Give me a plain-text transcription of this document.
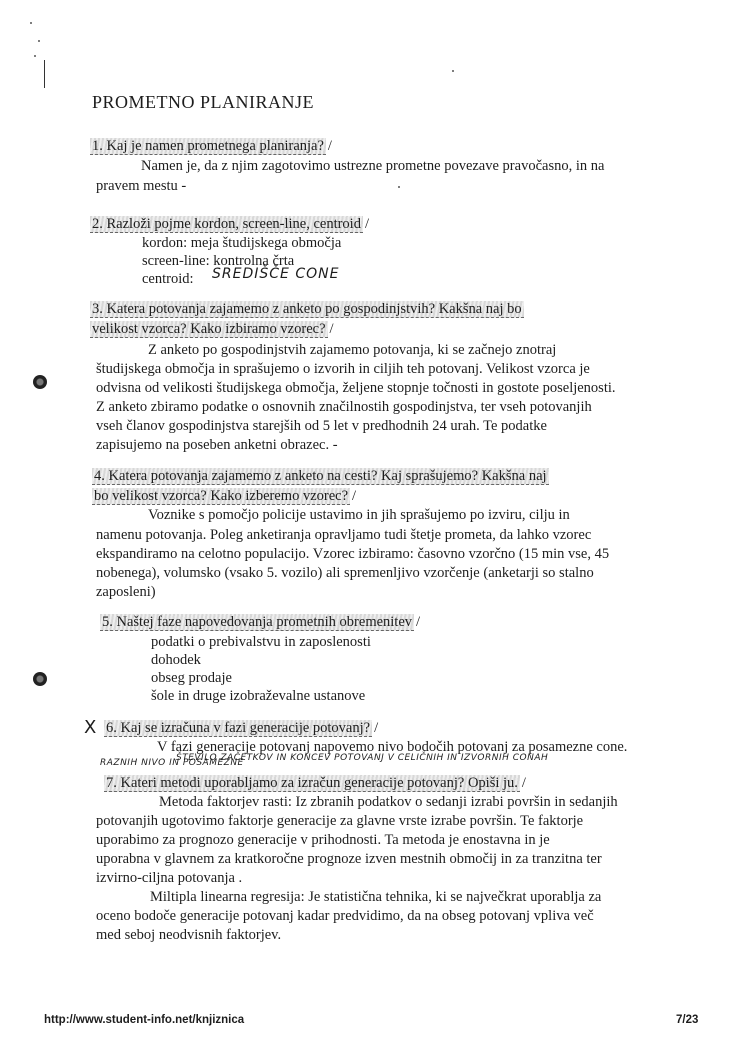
PROMETNO PLANIRANJE
1. Kaj je namen prometnega planiranja? /
Namen je, da z njim zagotovimo ustrezne prometne povezave pravočasno, in na
pravem mestu -
2. Razloži pojme kordon, screen-line, centroid /
kordon: meja študijskega območja
screen-line: kontrolna črta
centroid: SREDIŠČE CONE
3. Katera potovanja zajamemo z anketo po gospodinjstvih? Kakšna naj bo
velikost vzorca? Kako izbiramo vzorec? /
Z anketo po gospodinjstvih zajamemo potovanja, ki se začnejo znotraj
študijskega območja in sprašujemo o izvorih in ciljih teh potovanj. Velikost vzorca je
odvisna od velikosti študijskega območja, željene stopnje točnosti in gostote poseljenosti.
Z anketo zbiramo podatke o osnovnih značilnostih gospodinjstva, ter vseh potovanjih
vseh članov gospodinjstva starejših od 5 let v predhodnih 24 urah. Te podatke
zapisujemo na poseben anketni obrazec. -
4. Katera potovanja zajamemo z anketo na cesti? Kaj sprašujemo? Kakšna naj
bo velikost vzorca? Kako izberemo vzorec? /
Voznike s pomočjo policije ustavimo in jih sprašujemo po izviru, cilju in
namenu potovanja. Poleg anketiranja opravljamo tudi štetje prometa, da lahko vzorec
ekspandiramo na celotno populacijo. Vzorec izbiramo: časovno vzorčno (15 min vse, 45
nobenega), volumsko (vsako 5. vozilo) ali spremenljivo vzorčenje (anketarji so stalno
zaposleni)
5. Naštej faze napovedovanja prometnih obremenitev /
podatki o prebivalstvu in zaposlenosti
dohodek
obseg prodaje
šole in druge izobraževalne ustanove
X 6. Kaj se izračuna v fazi generacije potovanj? /
V fazi generacije potovanj napovemo nivo bodočih potovanj za posamezne cone.
ŠTEVILO ZAČETKOV IN KONCEV POTOVANJ V CELIČNIH IN IZVORNIH CONAH
RAZNIH NIVO IN POSAMEZNE
7. Kateri metodi uporabljamo za izračun generacije potovanj? Opiši ju. /
Metoda faktorjev rasti: Iz zbranih podatkov o sedanji izrabi površin in sedanjih
potovanjih ugotovimo faktorje generacije za glavne vrste izrabe površin. Te faktorje
uporabimo za prognozo generacije v prihodnosti. Ta metoda je enostavna in je
uporabna v glavnem za kratkoročne prognoze izven mestnih območij in za tranzitna ter
izvirno-ciljna potovanja .
Miltipla linearna regresija: Je statistična tehnika, ki se največkrat uporablja za
oceno bodoče generacije potovanj kadar predvidimo, da na obseg potovanj vpliva več
med seboj neodvisnih faktorjev.
http://www.student-info.net/knjiznica	7/23
